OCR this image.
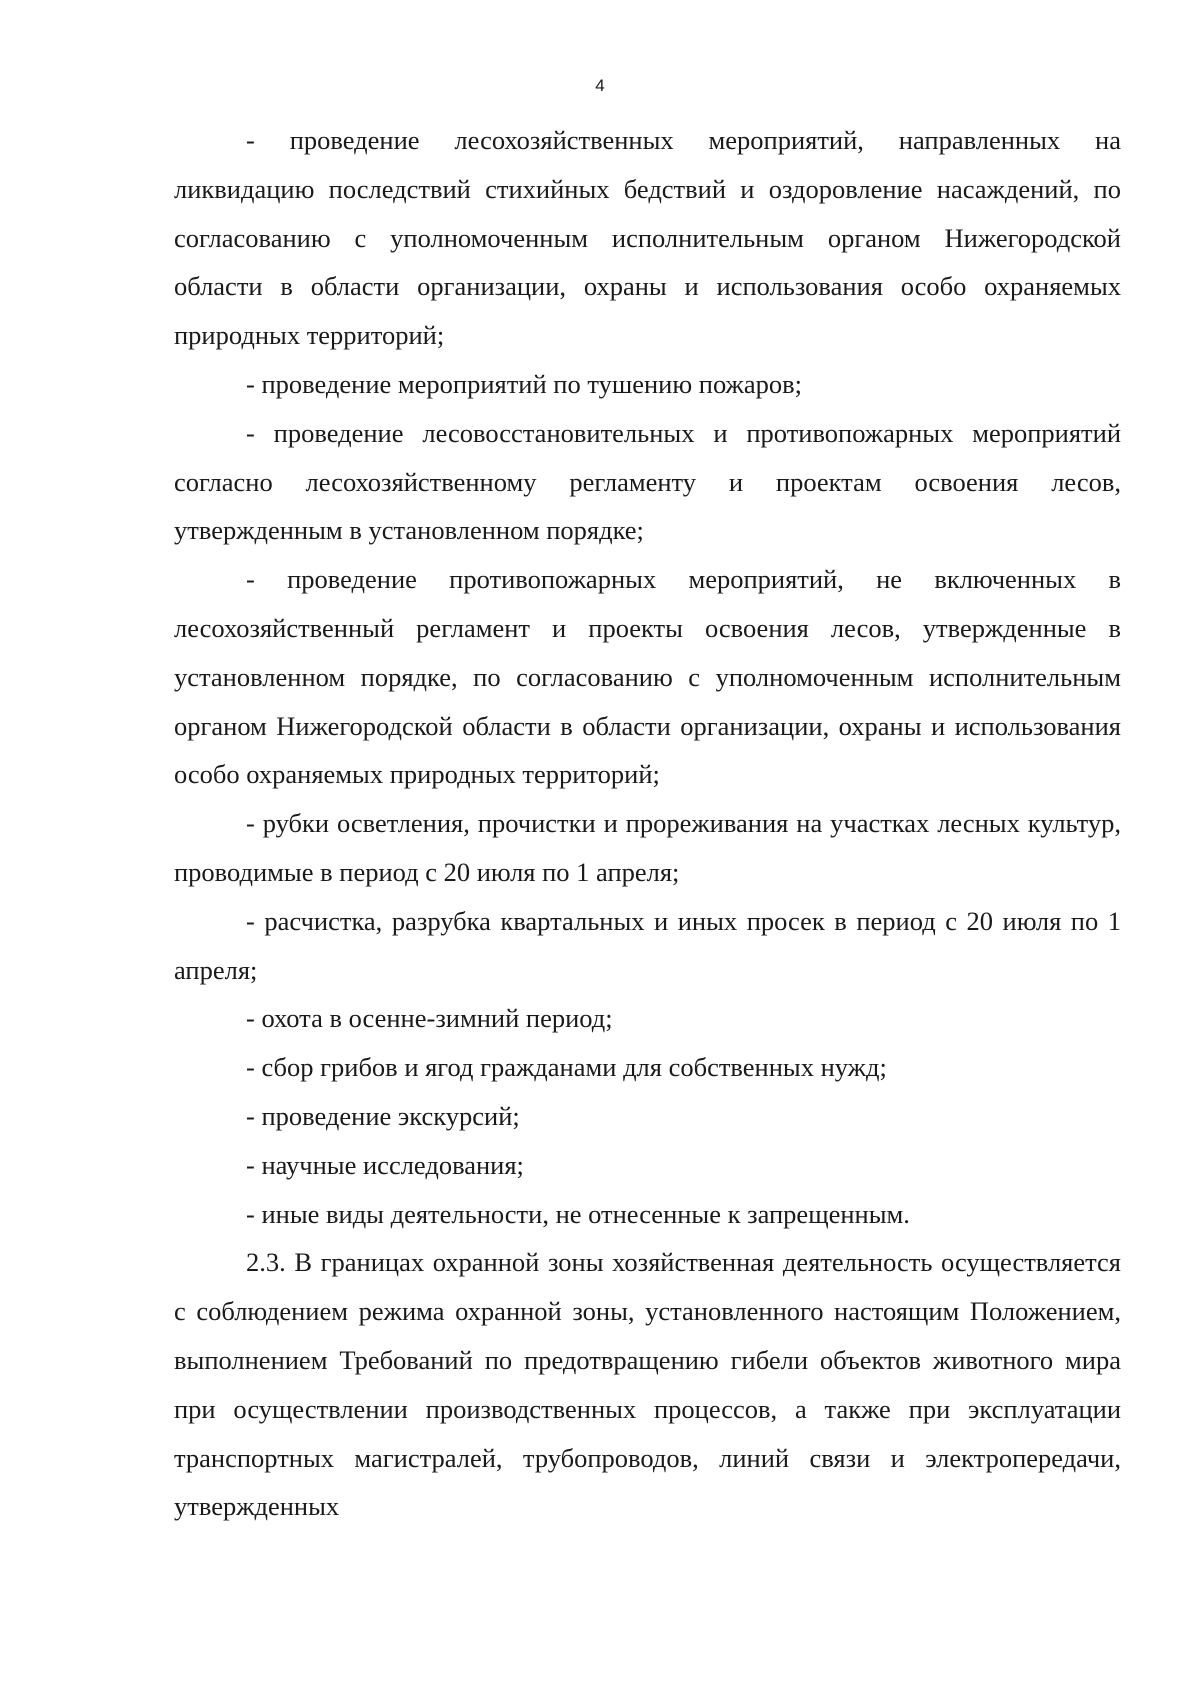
4

- проведение лесохозяйственных мероприятий, направленных на ликвидацию последствий стихийных бедствий и оздоровление насаждений, по согласованию с уполномоченным исполнительным органом Нижегородской области в области организации, охраны и использования особо охраняемых природных территорий;

- проведение мероприятий по тушению пожаров;

- проведение лесовосстановительных и противопожарных мероприятий согласно лесохозяйственному регламенту и проектам освоения лесов, утвержденным в установленном порядке;

- проведение противопожарных мероприятий, не включенных в лесохозяйственный регламент и проекты освоения лесов, утвержденные в установленном порядке, по согласованию с уполномоченным исполнительным органом Нижегородской области в области организации, охраны и использования особо охраняемых природных территорий;

- рубки осветления, прочистки и прореживания на участках лесных культур, проводимые в период с 20 июля по 1 апреля;

- расчистка, разрубка квартальных и иных просек в период с 20 июля по 1 апреля;

- охота в осенне-зимний период;

- сбор грибов и ягод гражданами для собственных нужд;

- проведение экскурсий;

- научные исследования;

- иные виды деятельности, не отнесенные к запрещенным.

2.3. В границах охранной зоны хозяйственная деятельность осуществляется с соблюдением режима охранной зоны, установленного настоящим Положением, выполнением Требований по предотвращению гибели объектов животного мира при осуществлении производственных процессов, а также при эксплуатации транспортных магистралей, трубопроводов, линий связи и электропередачи, утвержденных
